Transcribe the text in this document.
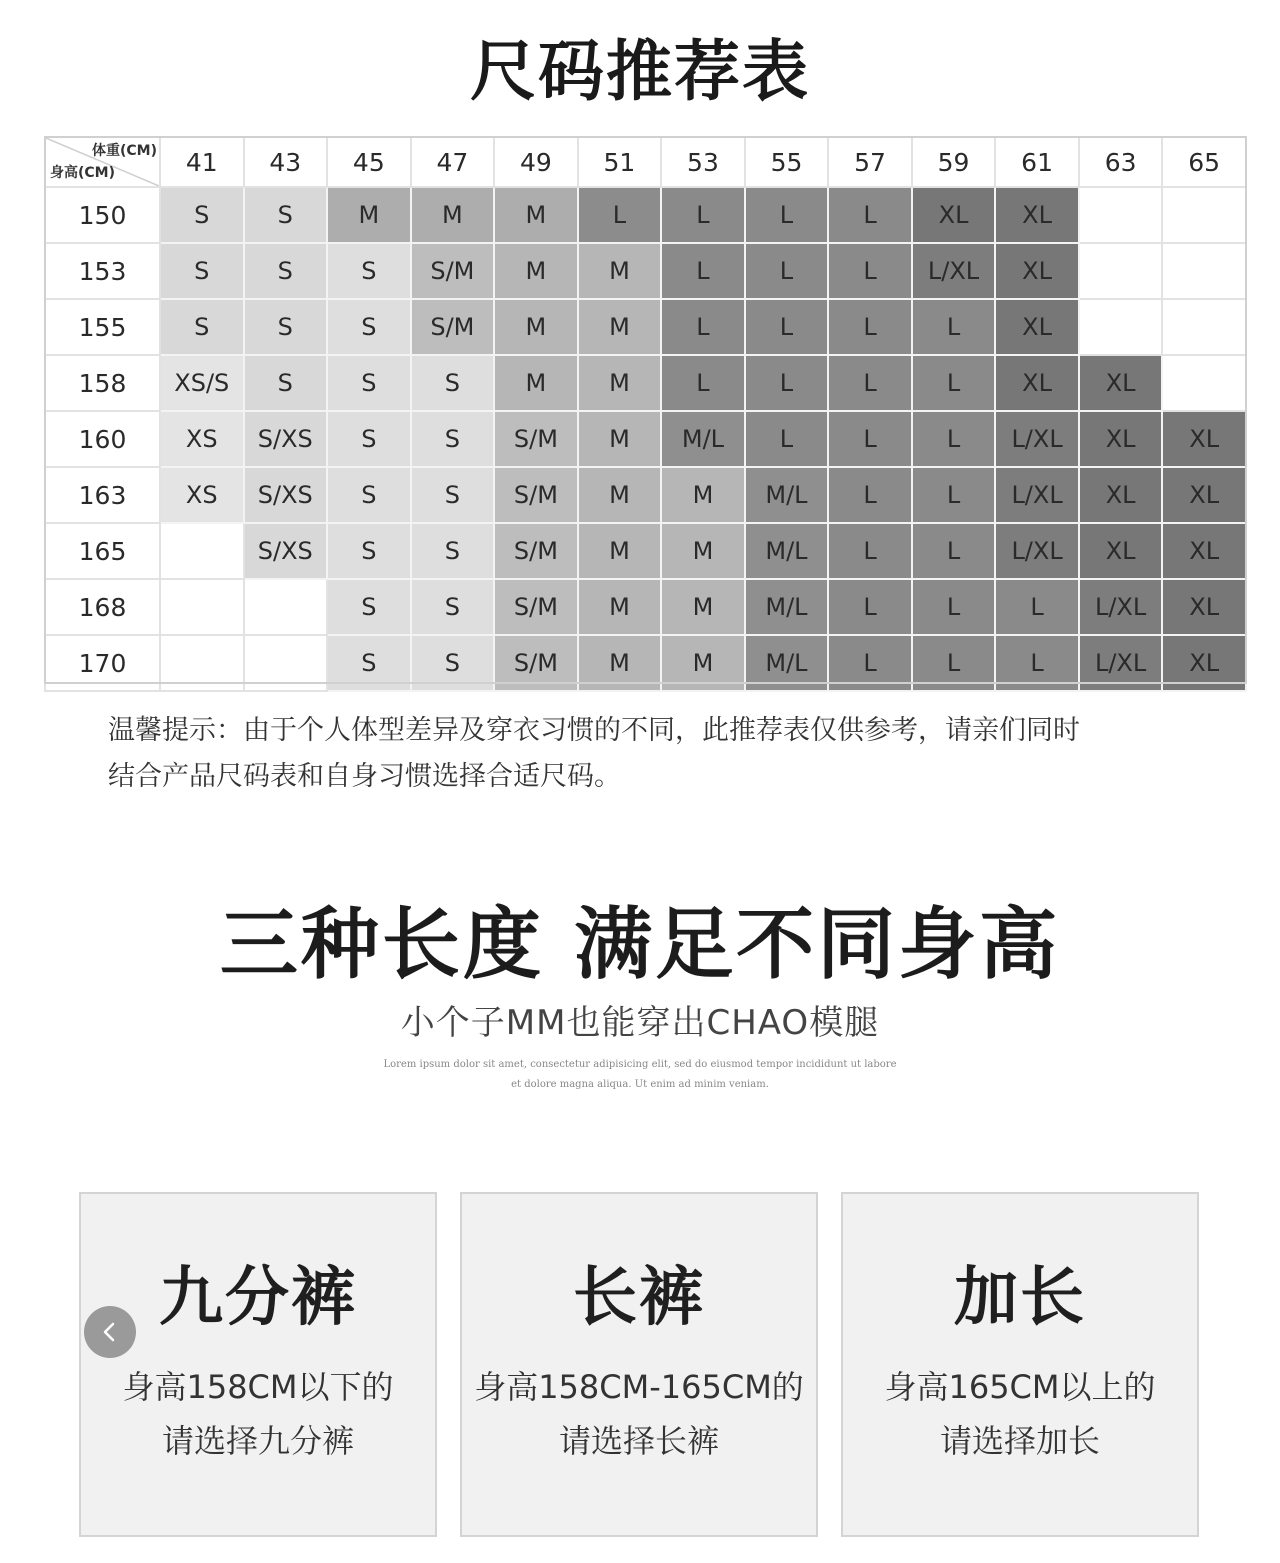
尺码推荐表
体重(CM)
身高(CM)	41	43	45	47	49	51	53	55	57	59	61	63	65
150	S	S	M	M	M	L	L	L	L	XL	XL		
153	S	S	S	S/M	M	M	L	L	L	L/XL	XL		
155	S	S	S	S/M	M	M	L	L	L	L	XL		
158	XS/S	S	S	S	M	M	L	L	L	L	XL	XL	
160	XS	S/XS	S	S	S/M	M	M/L	L	L	L	L/XL	XL	XL
163	XS	S/XS	S	S	S/M	M	M	M/L	L	L	L/XL	XL	XL
165		S/XS	S	S	S/M	M	M	M/L	L	L	L/XL	XL	XL
168			S	S	S/M	M	M	M/L	L	L	L	L/XL	XL
170			S	S	S/M	M	M	M/L	L	L	L	L/XL	XL
温馨提示：由于个人体型差异及穿衣习惯的不同，此推荐表仅供参考，请亲们同时
结合产品尺码表和自身习惯选择合适尺码。
三种长度 满足不同身高
小个子MM也能穿出CHAO模腿
Lorem ipsum dolor sit amet, consectetur adipisicing elit, sed do eiusmod tempor incididunt ut labore
et dolore magna aliqua. Ut enim ad minim veniam.
九分裤
身高158CM以下的
请选择九分裤
长裤
身高158CM-165CM的
请选择长裤
加长
身高165CM以上的
请选择加长
